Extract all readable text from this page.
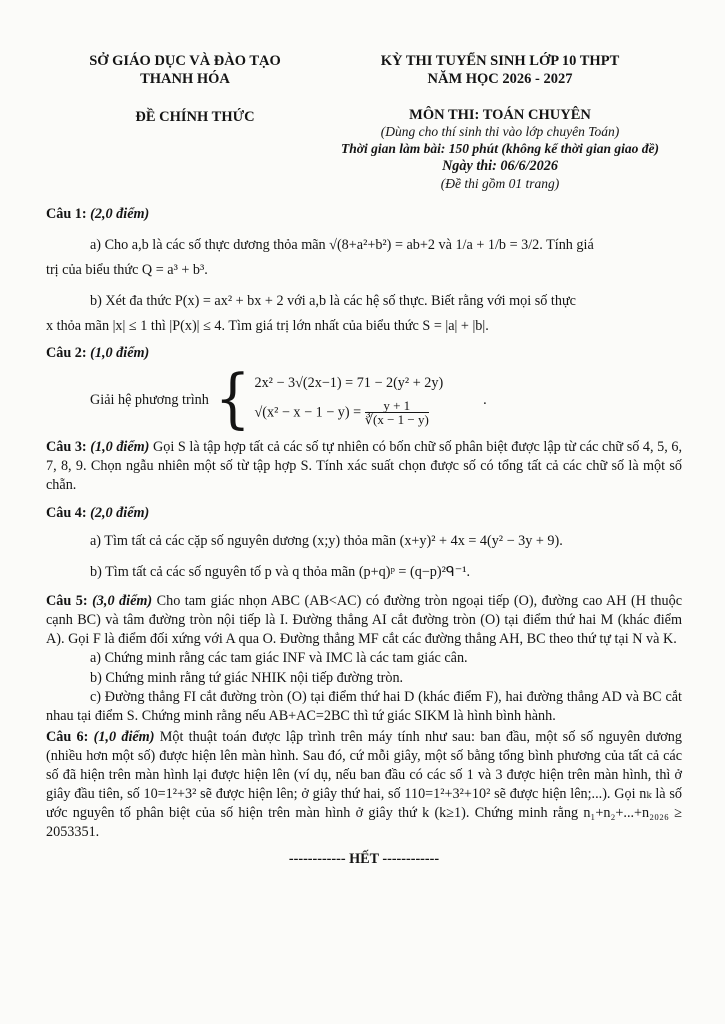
SỞ GIÁO DỤC VÀ ĐÀO TẠO
THANH HÓA
ĐỀ CHÍNH THỨC
KỲ THI TUYỂN SINH LỚP 10 THPT
NĂM HỌC 2026 - 2027
MÔN THI: TOÁN CHUYÊN
(Dùng cho thí sinh thi vào lớp chuyên Toán)
Thời gian làm bài: 150 phút (không kể thời gian giao đề)
Ngày thi: 06/6/2026
(Đề thi gồm 01 trang)

Câu 1: (2,0 điểm)

a) Cho a,b là các số thực dương thỏa mãn √(8+a²+b²) = ab+2 và 1/a + 1/b = 3/2. Tính giá

trị của biểu thức Q = a³ + b³.

b) Xét đa thức P(x) = ax² + bx + 2 với a,b là các hệ số thực. Biết rằng với mọi số thực

x thỏa mãn |x| ≤ 1 thì |P(x)| ≤ 4. Tìm giá trị lớn nhất của biểu thức S = |a| + |b|.

Câu 2: (1,0 điểm)

Giải hệ phương trình { 2x² − 3√(2x−1) = 71 − 2(y² + 2y)
$√(x^2 - x - 1 - y) = \frac{y + 1}{∛(x - 1 - y)}$	.

Câu 3: (1,0 điểm) Gọi S là tập hợp tất cả các số tự nhiên có bốn chữ số phân biệt được lập từ các chữ số 4, 5, 6, 7, 8, 9. Chọn ngẫu nhiên một số từ tập hợp S. Tính xác suất chọn được số có tổng tất cả các chữ số là một số chẵn.

Câu 4: (2,0 điểm)

a) Tìm tất cả các cặp số nguyên dương (x;y) thỏa mãn (x+y)² + 4x = 4(y² − 3y + 9).

b) Tìm tất cả các số nguyên tố p và q thỏa mãn (p+q)ᵖ = (q−p)²ᑫ⁻¹.

Câu 5: (3,0 điểm) Cho tam giác nhọn ABC (AB<AC) có đường tròn ngoại tiếp (O), đường cao AH (H thuộc cạnh BC) và tâm đường tròn nội tiếp là I. Đường thẳng AI cắt đường tròn (O) tại điểm thứ hai M (khác điểm A). Gọi F là điểm đối xứng với A qua O. Đường thẳng MF cắt các đường thẳng AH, BC theo thứ tự tại N và K.

a) Chứng minh rằng các tam giác INF và IMC là các tam giác cân.

b) Chứng minh rằng tứ giác NHIK nội tiếp đường tròn.

c) Đường thẳng FI cắt đường tròn (O) tại điểm thứ hai D (khác điểm F), hai đường thẳng AD và BC cắt nhau tại điểm S. Chứng minh rằng nếu AB+AC=2BC thì tứ giác SIKM là hình bình hành.

Câu 6: (1,0 điểm) Một thuật toán được lập trình trên máy tính như sau: ban đầu, một số số nguyên dương (nhiều hơn một số) được hiện lên màn hình. Sau đó, cứ mỗi giây, một số bằng tổng bình phương của tất cả các số đã hiện trên màn hình lại được hiện lên (ví dụ, nếu ban đầu có các số 1 và 3 được hiện trên màn hình, thì ở giây đầu tiên, số 10=1²+3² sẽ được hiện lên; ở giây thứ hai, số 110=1²+3²+10² sẽ được hiện lên;...). Gọi nₖ là số ước nguyên tố phân biệt của số hiện trên màn hình ở giây thứ k (k≥1). Chứng minh rằng n₁+n₂+...+n₂₀₂₆ ≥ 2053351.

------------ HẾT ------------
